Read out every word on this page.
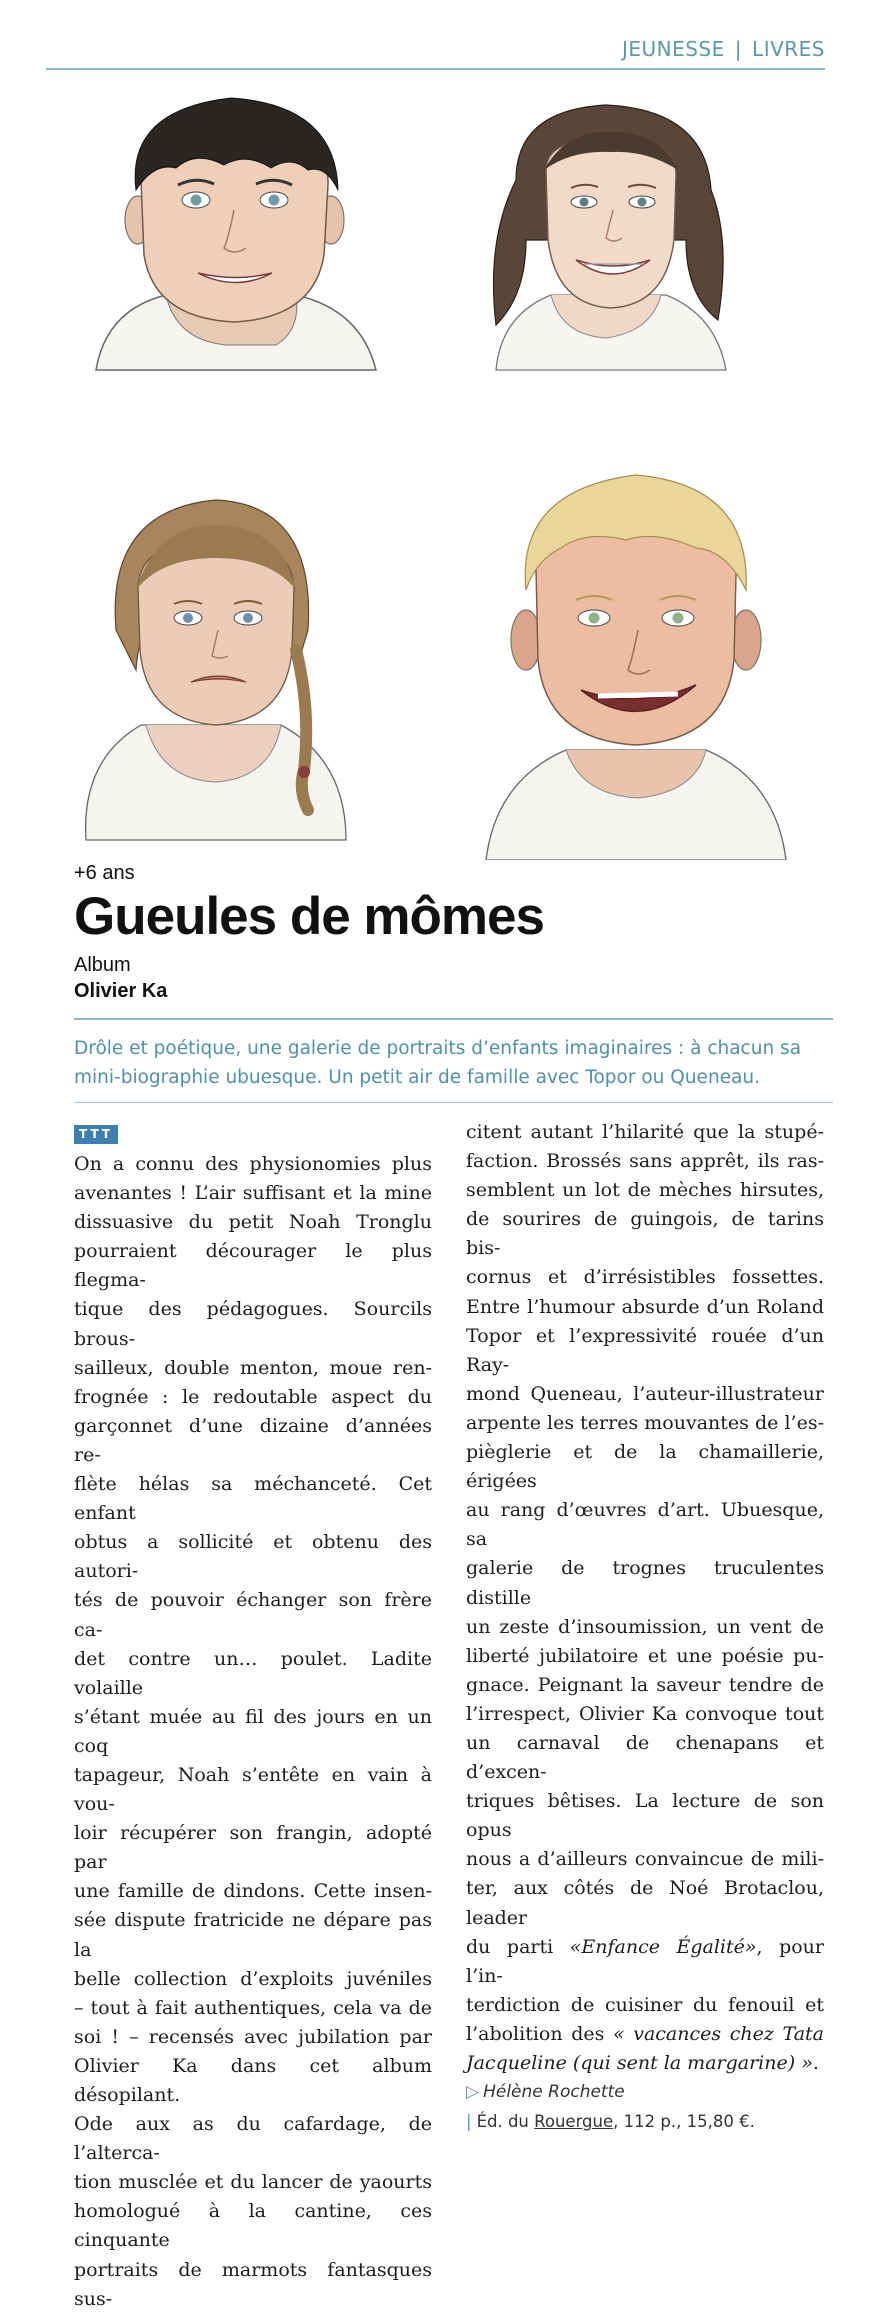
JEUNESSE | LIVRES
+6 ans
Gueules de mômes
Album
Olivier Ka
Drôle et poétique, une galerie de portraits d’enfants imaginaires : à chacun sa mini-biographie ubuesque. Un petit air de famille avec Topor ou Queneau.
TTT
On a connu des physionomies plus
avenantes ! L’air suffisant et la mine
dissuasive du petit Noah Tronglu
pourraient décourager le plus flegma-
tique des pédagogues. Sourcils brous-
sailleux, double menton, moue ren-
frognée : le redoutable aspect du
garçonnet d’une dizaine d’années re-
flète hélas sa méchanceté. Cet enfant
obtus a sollicité et obtenu des autori-
tés de pouvoir échanger son frère ca-
det contre un… poulet. Ladite volaille
s’étant muée au fil des jours en un coq
tapageur, Noah s’entête en vain à vou-
loir récupérer son frangin, adopté par
une famille de dindons. Cette insen-
sée dispute fratricide ne dépare pas la
belle collection d’exploits juvéniles
– tout à fait authentiques, cela va de
soi ! – recensés avec jubilation par
Olivier Ka dans cet album désopilant.
Ode aux as du cafardage, de l’alterca-
tion musclée et du lancer de yaourts
homologué à la cantine, ces cinquante
portraits de marmots fantasques sus-
citent autant l’hilarité que la stupé-
faction. Brossés sans apprêt, ils ras-
semblent un lot de mèches hirsutes,
de sourires de guingois, de tarins bis-
cornus et d’irrésistibles fossettes.
Entre l’humour absurde d’un Roland
Topor et l’expressivité rouée d’un Ray-
mond Queneau, l’auteur-illustrateur
arpente les terres mouvantes de l’es-
pièglerie et de la chamaillerie, érigées
au rang d’œuvres d’art. Ubuesque, sa
galerie de trognes truculentes distille
un zeste d’insoumission, un vent de
liberté jubilatoire et une poésie pu-
gnace. Peignant la saveur tendre de
l’irrespect, Olivier Ka convoque tout
un carnaval de chenapans et d’excen-
triques bêtises. La lecture de son opus
nous a d’ailleurs convaincue de mili-
ter, aux côtés de Noé Brotaclou, leader
du parti «Enfance Égalité», pour l’in-
terdiction de cuisiner du fenouil et
l’abolition des « vacances chez Tata
Jacqueline (qui sent la margarine) ».
▷ Hélène Rochette
| Éd. du Rouergue, 112 p., 15,80 €.
